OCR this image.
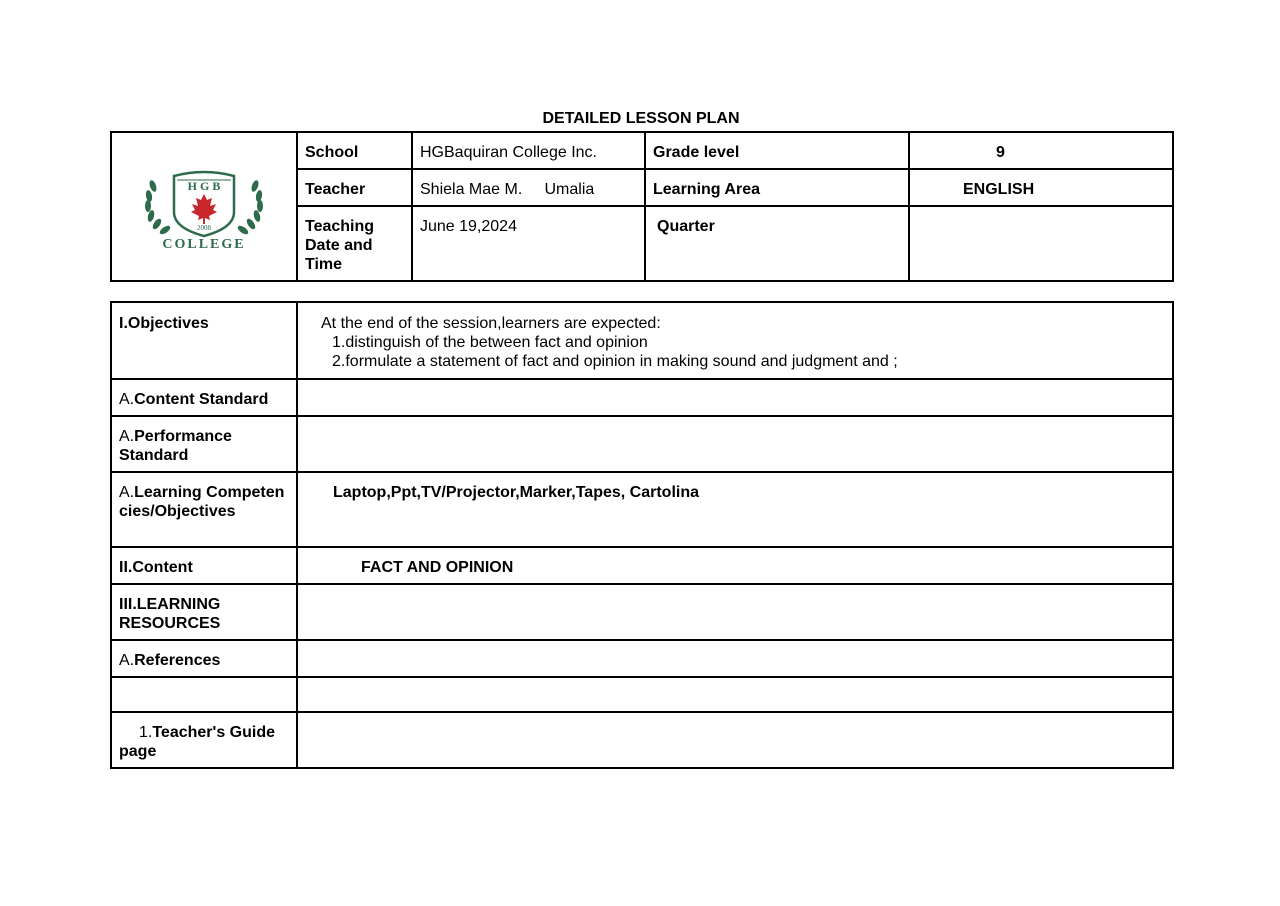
DETAILED LESSON PLAN
H G B
2008
COLLEGE	School	HGBaquiran College Inc.	Grade level	9
	Teacher	Shiela Mae M.     Umalia	Learning Area	ENGLISH
	Teaching Date and Time	June 19,2024	Quarter	
I.Objectives	At the end of the session,learners are expected:
1.distinguish of the between fact and opinion
2.formulate a statement of fact and opinion in making sound and judgment and ;

A.Content Standard	
A.Performance Standard	
A.Learning Competencies/Objectives	Laptop,Ppt,TV/Projector,Marker,Tapes, Cartolina
II.Content	FACT AND OPINION
III.LEARNING RESOURCES	
A.References	

1.Teacher's Guide page	
